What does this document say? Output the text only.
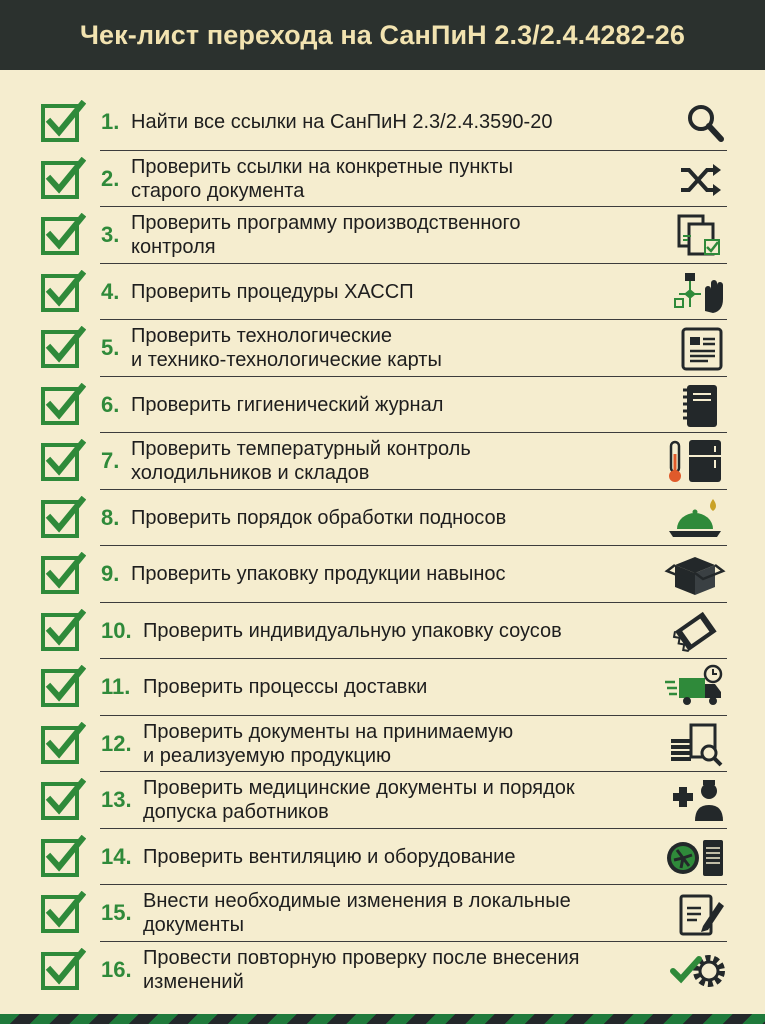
Чек-лист перехода на СанПиН 2.3/2.4.4282-26
1. Найти все ссылки на СанПиН 2.3/2.4.3590-20
2. Проверить ссылки на конкретные пункты
старого документа
3. Проверить программу производственного
контроля
4. Проверить процедуры ХАССП
5. Проверить технологические
и технико-технологические карты
6. Проверить гигиенический журнал
7. Проверить температурный контроль
холодильников и складов
8. Проверить порядок обработки подносов
9. Проверить упаковку продукции навынос
10. Проверить индивидуальную упаковку соусов
11. Проверить процессы доставки
12. Проверить документы на принимаемую
и реализуемую продукцию
13. Проверить медицинские документы и порядок
допуска работников
14. Проверить вентиляцию и оборудование
15. Внести необходимые изменения в локальные
документы
16. Провести повторную проверку после внесения
изменений
